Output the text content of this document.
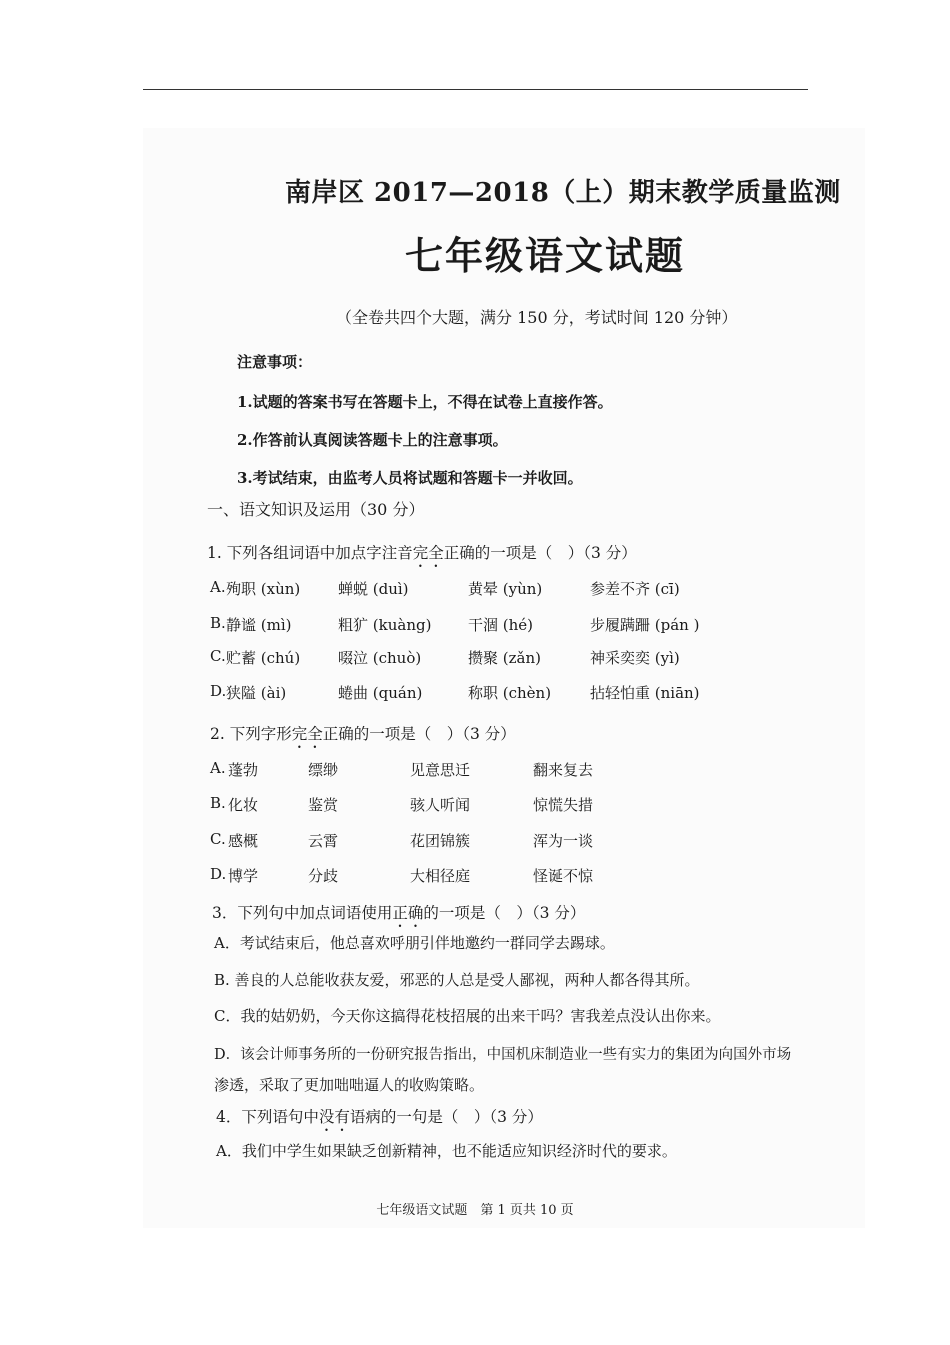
南岸区 2017—2018（上）期末教学质量监测
七年级语文试题
（全卷共四个大题，满分 150 分，考试时间 120 分钟）
注意事项：
1.试题的答案书写在答题卡上，不得在试卷上直接作答。
2.作答前认真阅读答题卡上的注意事项。
3.考试结束，由监考人员将试题和答题卡一并收回。
一、语文知识及运用（30 分）
1. 下列各组词语中加点字注音完全正确的一项是（　）（3 分）
A. 殉职 (xùn)	蝉蜕 (duì)	黄晕 (yùn)	参差不齐 (cī)
B. 静谧 (mì)	粗犷 (kuàng) 干涸 (hé)	步履蹒跚 (pán )
C. 贮蓄 (chú)	啜泣 (chuò)	攒聚 (zǎn)	神采奕奕 (yì)
D. 狭隘 (ài)	蜷曲 (quán)	称职 (chèn)	拈轻怕重 (niān)
2. 下列字形完全正确的一项是（　）（3 分）
A. 蓬勃	缥缈	见意思迁	翻来复去
B. 化妆	鉴赏	骇人听闻	惊慌失措
C. 感概	云霄	花团锦簇	浑为一谈
D. 博学	分歧	大相径庭	怪诞不惊
3．下列句中加点词语使用正确的一项是（　）（3 分）
A．考试结束后，他总喜欢呼朋引伴地邀约一群同学去踢球。
B. 善良的人总能收获友爱，邪恶的人总是受人鄙视，两种人都各得其所。
C．我的姑奶奶，今天你这搞得花枝招展的出来干吗？害我差点没认出你来。
D．该会计师事务所的一份研究报告指出，中国机床制造业一些有实力的集团为向国外市场
渗透，采取了更加咄咄逼人的收购策略。
4．下列语句中没有语病的一句是（　）（3 分）
A．我们中学生如果缺乏创新精神，也不能适应知识经济时代的要求。
七年级语文试题　第 1 页共 10 页
